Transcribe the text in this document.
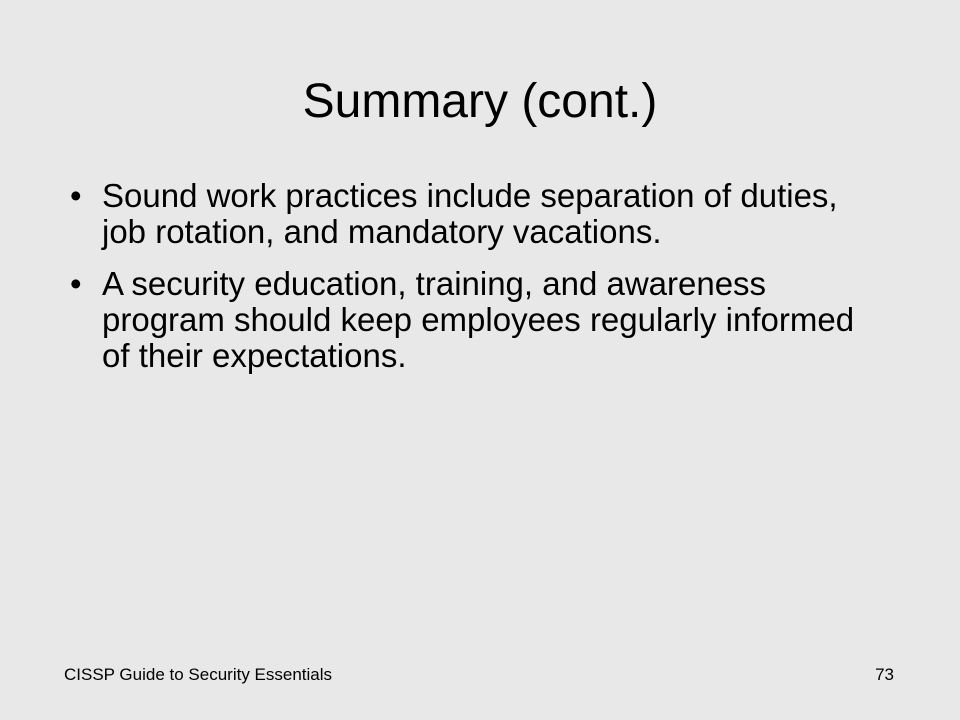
Summary (cont.)
• Sound work practices include separation of duties, job rotation, and mandatory vacations.
• A security education, training, and awareness program should keep employees regularly informed of their expectations.
CISSP Guide to Security Essentials	73
